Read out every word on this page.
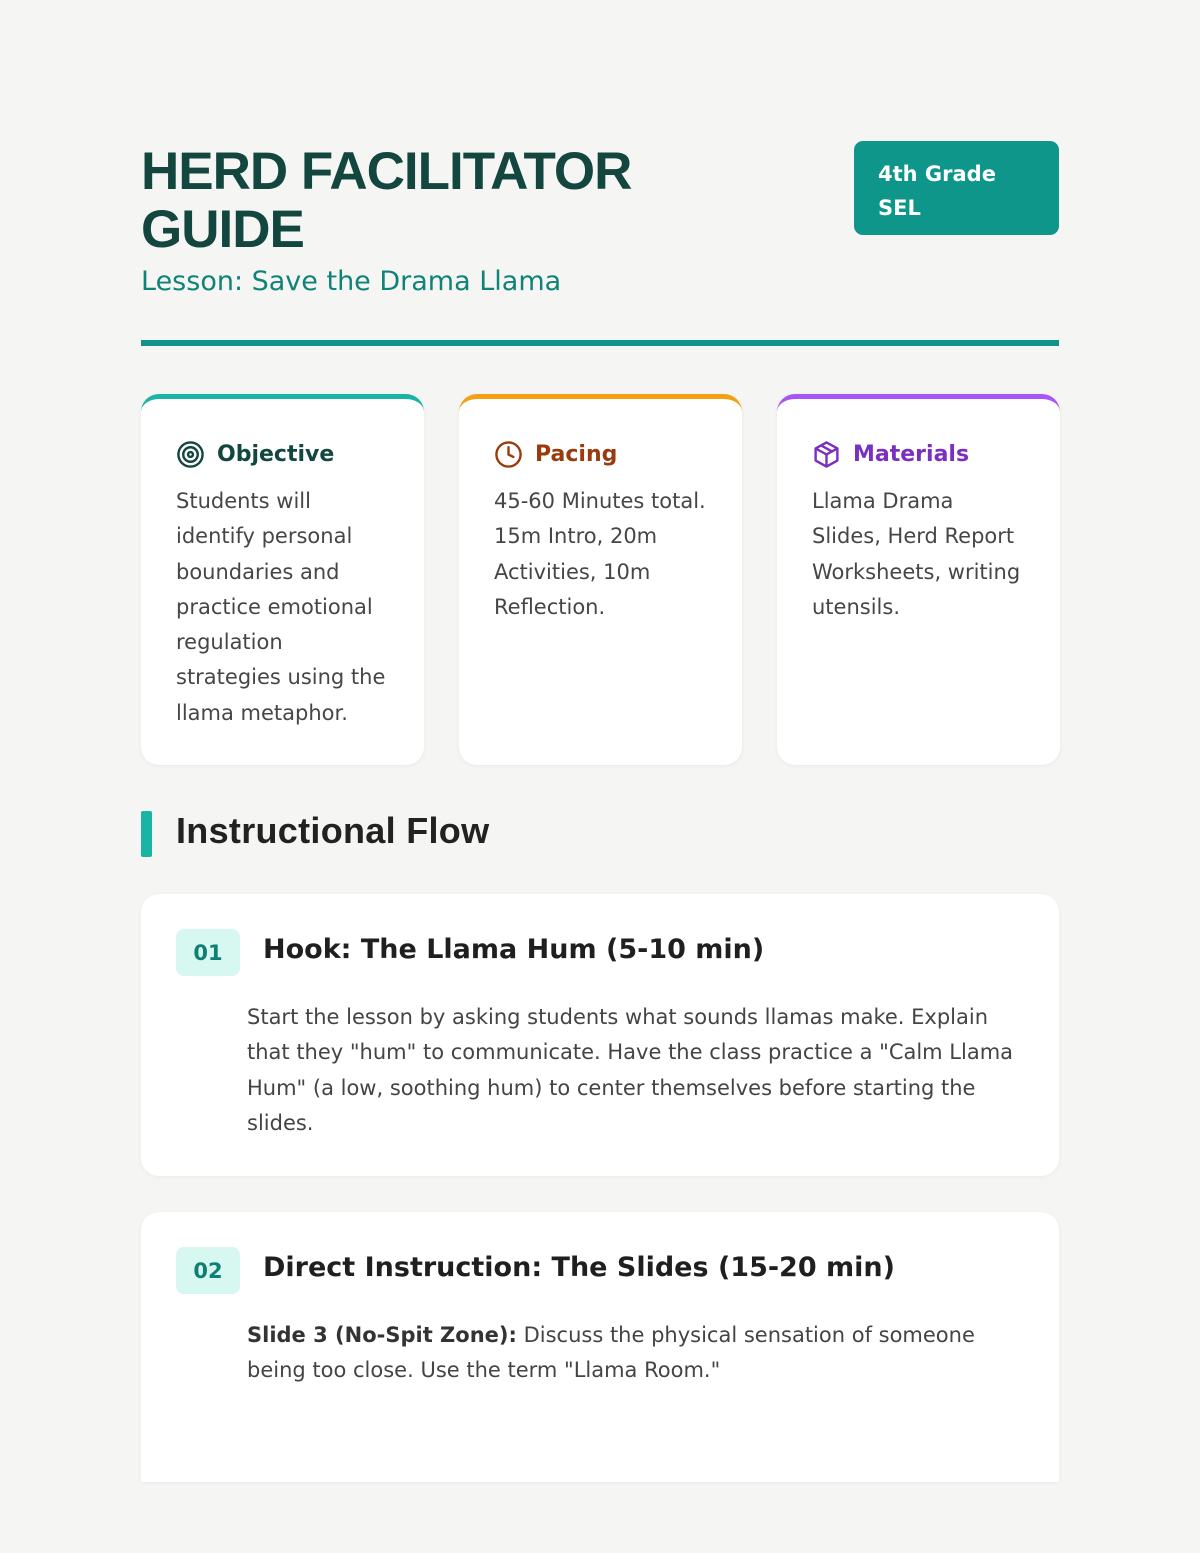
HERD FACILITATOR GUIDE
Lesson: Save the Drama Llama
4th Grade
SEL
Objective

Students will identify personal boundaries and practice emotional regulation strategies using the llama metaphor.

Pacing

45-60 Minutes total. 15m Intro, 20m Activities, 10m Reflection.

Materials

Llama Drama Slides, Herd Report Worksheets, writing utensils.

Instructional Flow
01	Hook: The Llama Hum (5-10 min)

Start the lesson by asking students what sounds llamas make. Explain that they "hum" to communicate. Have the class practice a "Calm Llama Hum" (a low, soothing hum) to center themselves before starting the slides.

02	Direct Instruction: The Slides (15-20 min)

Slide 3 (No-Spit Zone): Discuss the physical sensation of someone being too close. Use the term "Llama Room."
